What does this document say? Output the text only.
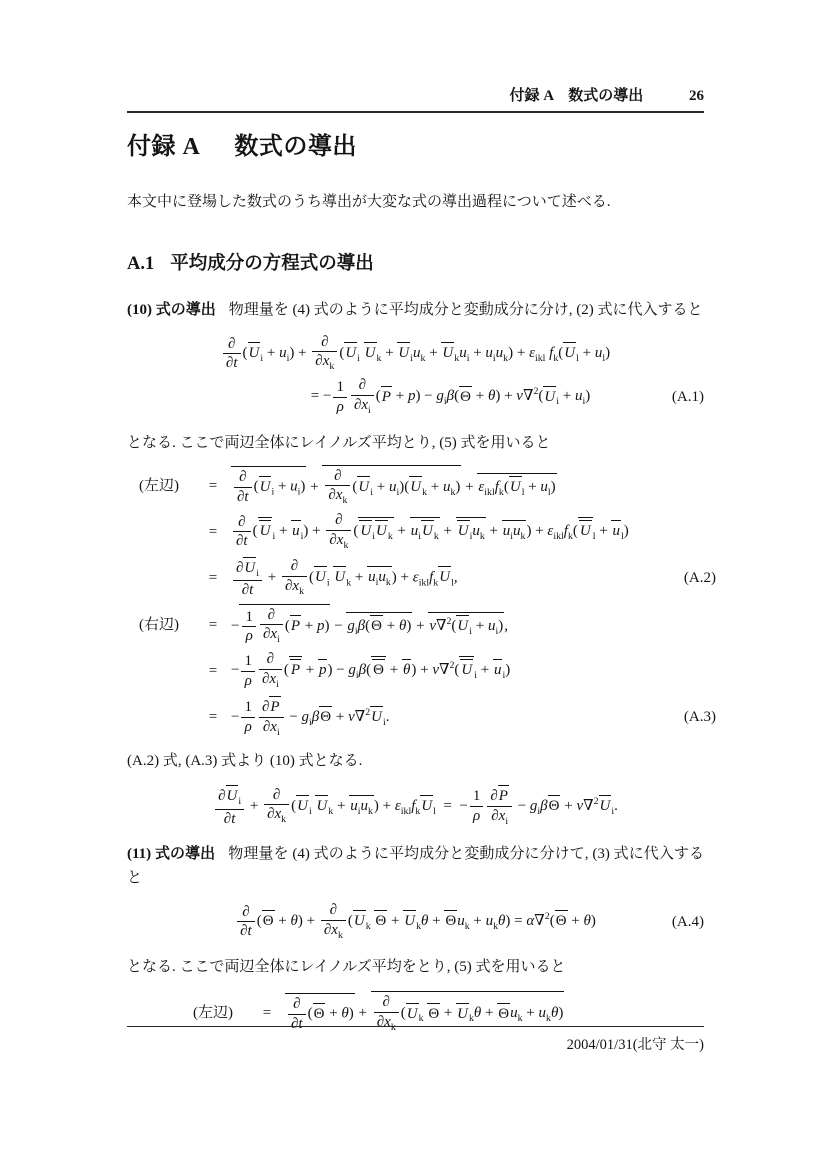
付録 A　数式の導出	26
付録 A 数式の導出

本文中に登場した数式のうち導出が大変な式の導出過程について述べる.

A.1 平均成分の方程式の導出

(10) 式の導出 物理量を (4) 式のように平均成分と変動成分に分け, (2) 式に代入すると

∂
∂t
$(U_i + u_i)$ +
∂
$\partial x_k$
($U_i$ $U_k + U_iu_k + U_ku_i + u_iu_k) + \varepsilon_{ikl}$ $f_k(U_l + u_l)$
= − $\frac{1}{\rho}$ ∂
$\partial x_i$
$(P + p) - g_i\beta(\Theta + \theta) + \nu\nabla^2(U_i + u_i)$	(A.1)

となる. ここで両辺全体にレイノルズ平均とり, (5) 式を用いると

(左辺)	=
∂
∂t
$(U_i + u_i)$ +
∂
$\partial x_k$
$(U_i + u_i)(U_k + u_k) + \varepsilon_{ikl}f_k(U_l + u_l)$
=
∂
∂t
( U $_i + u_i$) +
∂
$\partial x_k$
( $U_iU_k + u_iU_k + U_iu_k + u_iu_k) + \varepsilon_{ikl}f_k$( U $_l + u_l$)
=	$\frac{\partial U_i}{\partial t}$ +
∂
$\partial x_k$
($U_i$ $U_k + u_iu_k) + \varepsilon_{ikl}f_kU_l$,	(A.2)
(右辺)	= − $\frac{1}{\rho}$ ∂
$\partial x_i$
$(P + p) - g_i\beta(\Theta + \theta) + \nu\nabla^2(U_i + u_i)$,
= − $\frac{1}{\rho}$ ∂
$\partial x_i$
( $P + p) - g_i\beta$( Θ + θ) + ν∇$^2$( U $_i + u_i$)
= − $\frac{1}{\rho} \frac{\partial P}{\partial x_i} - g_i\beta\Theta + \nu\nabla^2U_i$.	(A.3)

(A.2) 式, (A.3) 式より (10) 式となる.

$\frac{\partial U_i}{\partial t}$ +
∂
$\partial x_k$
($U_i$ $U_k + u_iu_k) + \varepsilon_{ikl}f_kU_l$  =  − $\frac{1}{\rho} \frac{\partial P}{\partial x_i} - g_i\beta\Theta + \nu\nabla^2U_i$.

(11) 式の導出 物理量を (4) 式のように平均成分と変動成分に分けて, (3) 式に代入すると

∂
∂t
(Θ + θ) +
∂
$\partial x_k$
($U_k$ $\Theta + U_k\theta + \Theta u_k + u_k\theta) = \alpha\nabla^2(\Theta + \theta)$	(A.4)

となる. ここで両辺全体にレイノルズ平均をとり, (5) 式を用いると

(左辺)	=
∂
∂t
(Θ + θ) +
∂
$\partial x_k$
($U_k$ $\Theta + U_k\theta + \Theta u_k + u_k\theta$)
2004/01/31(北守 太一)
